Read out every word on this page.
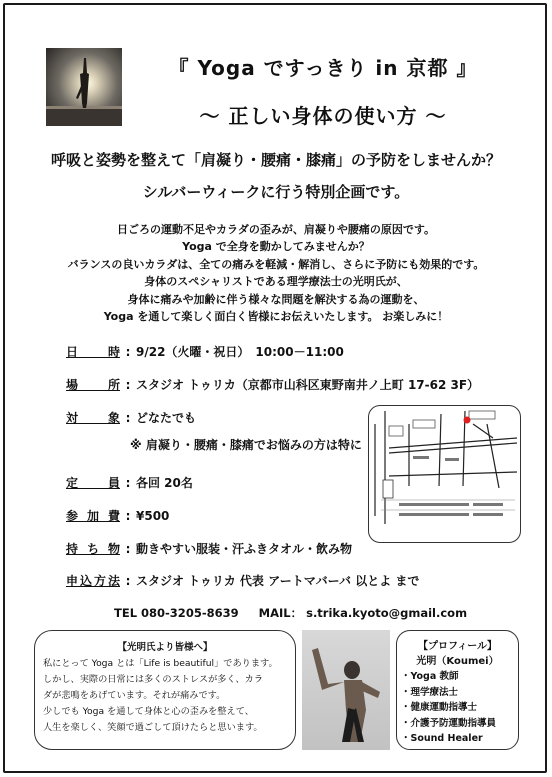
『 Yoga ですっきり in 京都 』
～ 正しい身体の使い方 ～
呼吸と姿勢を整えて「肩凝り・腰痛・膝痛」の予防をしませんか？
シルバーウィークに行う特別企画です。
日ごろの運動不足やカラダの歪みが、肩凝りや腰痛の原因です。
Yoga で全身を動かしてみませんか？
バランスの良いカラダは、全ての痛みを軽減・解消し、さらに予防にも効果的です。
身体のスペシャリストである理学療法士の光明氏が、
身体に痛みや加齢に伴う様々な問題を解決する為の運動を、
Yoga を通して楽しく面白く皆様にお伝えいたします。 お楽しみに！
日時 : 9/22（火曜・祝日）　10:00－11:00
場所 : スタジオ トゥリカ（京都市山科区東野南井ノ上町 17-62 3F）
対象 : どなたでも
※ 肩凝り・腰痛・膝痛でお悩みの方は特に
定員 : 各回 20名
参加費 : ¥500
持ち物 : 動きやすい服装・汗ふきタオル・飲み物
申込方法 : スタジオ トゥリカ 代表 アートマバーバ 以とよ まで
TEL 080-3205-8639 MAIL： s.trika.kyoto@gmail.com
【光明氏より皆様へ】
私にとって Yoga とは「Life is beautiful」であります。
しかし、実際の日常には多くのストレスが多く、カラ
ダが悲鳴をあげています。それが痛みです。
少しでも Yoga を通して身体と心の歪みを整えて、
人生を楽しく、笑顔で過ごして頂けたらと思います。
【プロフィール】
光明（Koumei）
・Yoga 教師
・理学療法士
・健康運動指導士
・介護予防運動指導員
・Sound Healer
